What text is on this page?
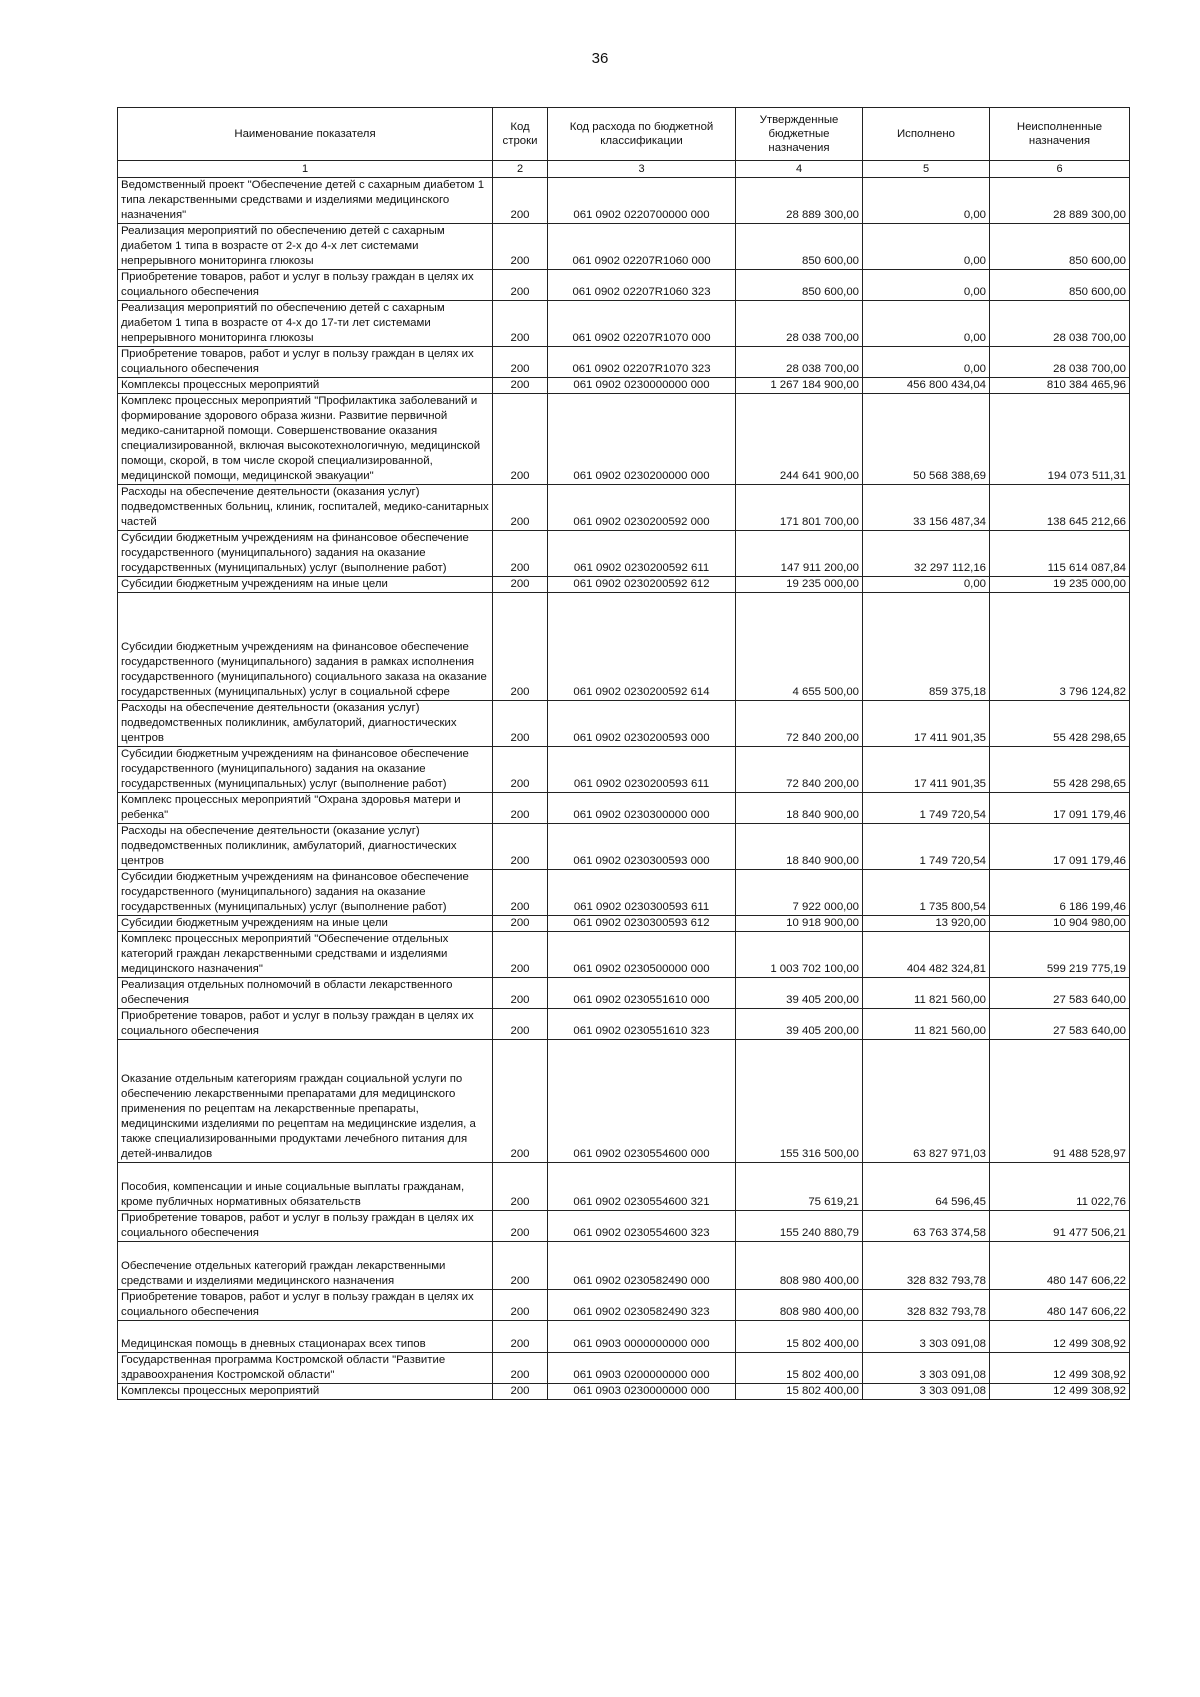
36
Наименование показателя	Код строки	Код расхода по бюджетной классификации	Утвержденные бюджетные назначения	Исполнено	Неисполненные назначения
1	2	3	4	5	6
Ведомственный проект "Обеспечение детей с сахарным диабетом 1 типа лекарственными средствами и изделиями медицинского назначения"	200	061 0902 0220700000 000	28 889 300,00	0,00	28 889 300,00
Реализация мероприятий по обеспечению детей с сахарным диабетом 1 типа в возрасте от 2-х до 4-х лет системами непрерывного мониторинга глюкозы	200	061 0902 02207R1060 000	850 600,00	0,00	850 600,00
Приобретение товаров, работ и услуг в пользу граждан в целях их социального обеспечения	200	061 0902 02207R1060 323	850 600,00	0,00	850 600,00
Реализация мероприятий по обеспечению детей с сахарным диабетом 1 типа в возрасте от 4-х до 17-ти лет системами непрерывного мониторинга глюкозы	200	061 0902 02207R1070 000	28 038 700,00	0,00	28 038 700,00
Приобретение товаров, работ и услуг в пользу граждан в целях их социального обеспечения	200	061 0902 02207R1070 323	28 038 700,00	0,00	28 038 700,00
Комплексы процессных мероприятий	200	061 0902 0230000000 000	1 267 184 900,00	456 800 434,04	810 384 465,96
Комплекс процессных мероприятий "Профилактика заболеваний и формирование здорового образа жизни. Развитие первичной медико-санитарной помощи. Совершенствование оказания специализированной, включая высокотехнологичную, медицинской помощи, скорой, в том числе скорой специализированной, медицинской помощи, медицинской эвакуации"	200	061 0902 0230200000 000	244 641 900,00	50 568 388,69	194 073 511,31
Расходы на обеспечение деятельности (оказания услуг) подведомственных больниц, клиник, госпиталей, медико-санитарных частей	200	061 0902 0230200592 000	171 801 700,00	33 156 487,34	138 645 212,66
Субсидии бюджетным учреждениям на финансовое обеспечение государственного (муниципального) задания на оказание государственных (муниципальных) услуг (выполнение работ)	200	061 0902 0230200592 611	147 911 200,00	32 297 112,16	115 614 087,84
Субсидии бюджетным учреждениям на иные цели	200	061 0902 0230200592 612	19 235 000,00	0,00	19 235 000,00
Субсидии бюджетным учреждениям на финансовое обеспечение государственного (муниципального) задания в рамках исполнения государственного (муниципального) социального заказа на оказание государственных (муниципальных) услуг в социальной сфере	200	061 0902 0230200592 614	4 655 500,00	859 375,18	3 796 124,82
Расходы на обеспечение деятельности (оказания услуг) подведомственных поликлиник, амбулаторий, диагностических центров	200	061 0902 0230200593 000	72 840 200,00	17 411 901,35	55 428 298,65
Субсидии бюджетным учреждениям на финансовое обеспечение государственного (муниципального) задания на оказание государственных (муниципальных) услуг (выполнение работ)	200	061 0902 0230200593 611	72 840 200,00	17 411 901,35	55 428 298,65
Комплекс процессных мероприятий "Охрана здоровья матери и ребенка"	200	061 0902 0230300000 000	18 840 900,00	1 749 720,54	17 091 179,46
Расходы на обеспечение деятельности (оказание услуг) подведомственных поликлиник, амбулаторий, диагностических центров	200	061 0902 0230300593 000	18 840 900,00	1 749 720,54	17 091 179,46
Субсидии бюджетным учреждениям на финансовое обеспечение государственного (муниципального) задания на оказание государственных (муниципальных) услуг (выполнение работ)	200	061 0902 0230300593 611	7 922 000,00	1 735 800,54	6 186 199,46
Субсидии бюджетным учреждениям на иные цели	200	061 0902 0230300593 612	10 918 900,00	13 920,00	10 904 980,00
Комплекс процессных мероприятий "Обеспечение отдельных категорий граждан лекарственными средствами и изделиями медицинского назначения"	200	061 0902 0230500000 000	1 003 702 100,00	404 482 324,81	599 219 775,19
Реализация отдельных полномочий в области лекарственного обеспечения	200	061 0902 0230551610 000	39 405 200,00	11 821 560,00	27 583 640,00
Приобретение товаров, работ и услуг в пользу граждан в целях их социального обеспечения	200	061 0902 0230551610 323	39 405 200,00	11 821 560,00	27 583 640,00
Оказание отдельным категориям граждан социальной услуги по обеспечению лекарственными препаратами для медицинского применения по рецептам на лекарственные препараты, медицинскими изделиями по рецептам на медицинские изделия, а также специализированными продуктами лечебного питания для детей-инвалидов	200	061 0902 0230554600 000	155 316 500,00	63 827 971,03	91 488 528,97
Пособия, компенсации и иные социальные выплаты гражданам, кроме публичных нормативных обязательств	200	061 0902 0230554600 321	75 619,21	64 596,45	11 022,76
Приобретение товаров, работ и услуг в пользу граждан в целях их социального обеспечения	200	061 0902 0230554600 323	155 240 880,79	63 763 374,58	91 477 506,21
Обеспечение отдельных категорий граждан лекарственными средствами и изделиями медицинского назначения	200	061 0902 0230582490 000	808 980 400,00	328 832 793,78	480 147 606,22
Приобретение товаров, работ и услуг в пользу граждан в целях их социального обеспечения	200	061 0902 0230582490 323	808 980 400,00	328 832 793,78	480 147 606,22
Медицинская помощь в дневных стационарах всех типов	200	061 0903 0000000000 000	15 802 400,00	3 303 091,08	12 499 308,92
Государственная программа Костромской области "Развитие здравоохранения Костромской области"	200	061 0903 0200000000 000	15 802 400,00	3 303 091,08	12 499 308,92
Комплексы процессных мероприятий	200	061 0903 0230000000 000	15 802 400,00	3 303 091,08	12 499 308,92
